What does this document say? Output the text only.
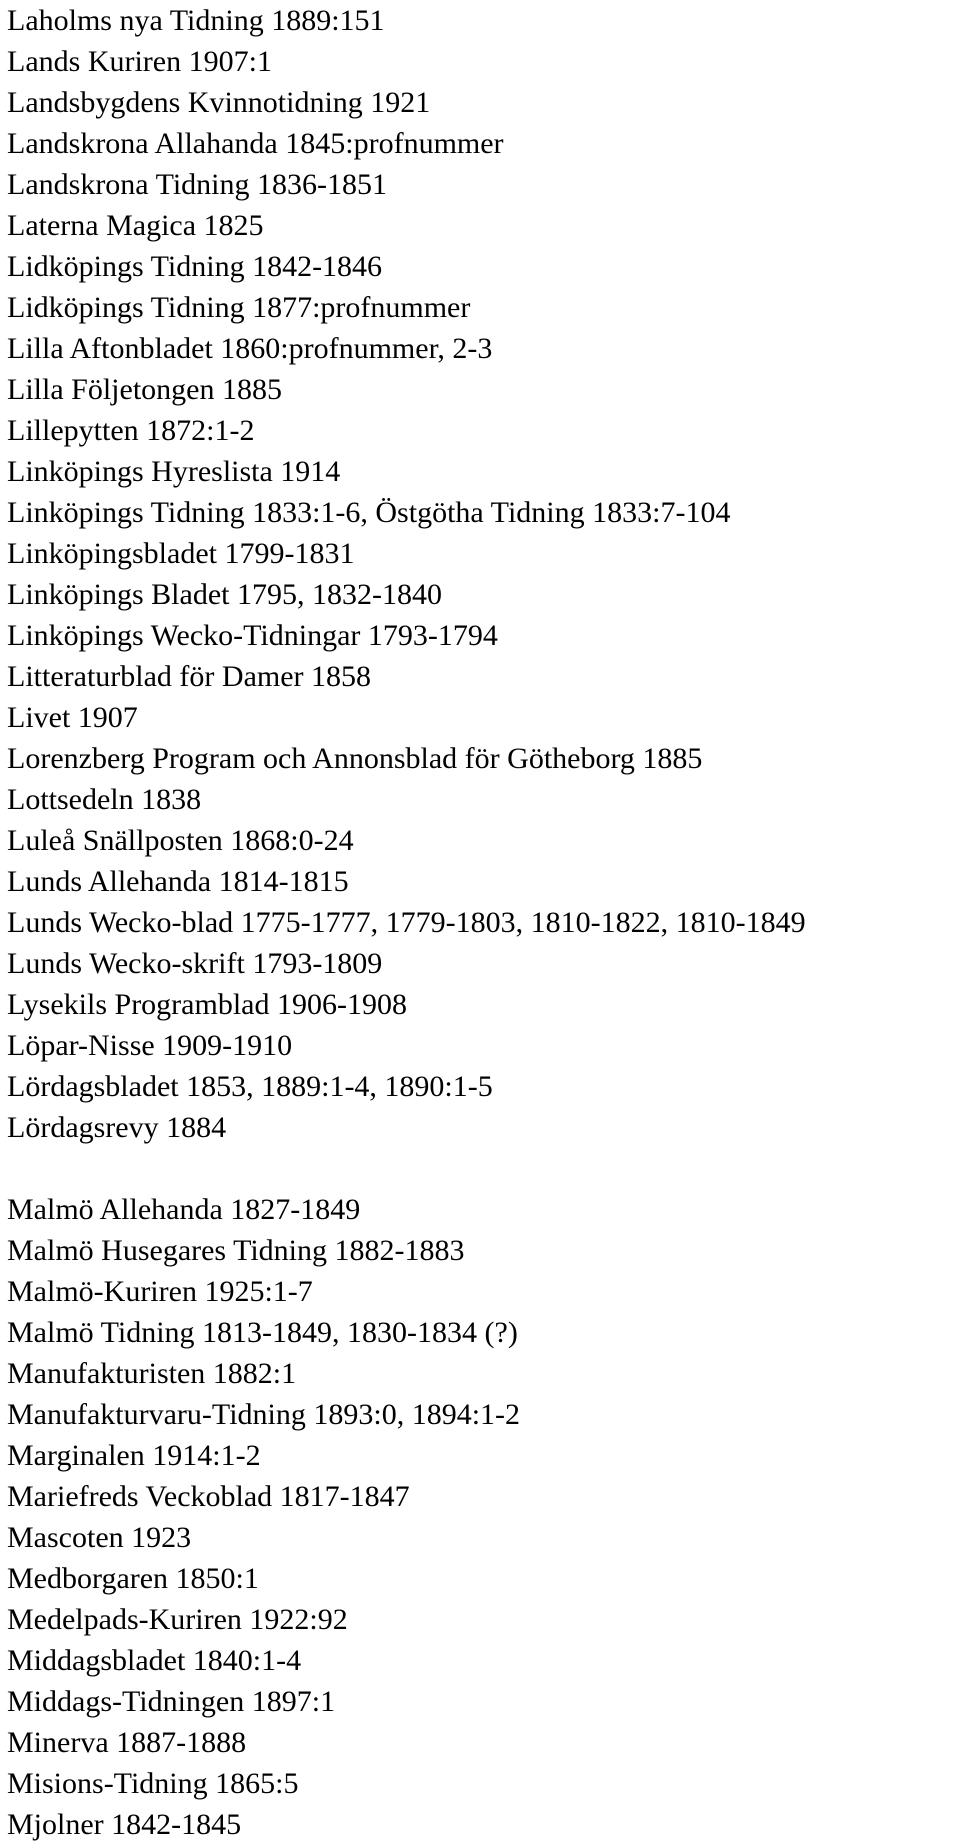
Laholms nya Tidning 1889:151
Lands Kuriren 1907:1
Landsbygdens Kvinnotidning 1921
Landskrona Allahanda 1845:profnummer
Landskrona Tidning 1836-1851
Laterna Magica 1825
Lidköpings Tidning 1842-1846
Lidköpings Tidning 1877:profnummer
Lilla Aftonbladet 1860:profnummer, 2-3
Lilla Följetongen 1885
Lillepytten 1872:1-2
Linköpings Hyreslista 1914
Linköpings Tidning 1833:1-6, Östgötha Tidning 1833:7-104
Linköpingsbladet 1799-1831
Linköpings Bladet 1795, 1832-1840
Linköpings Wecko-Tidningar 1793-1794
Litteraturblad för Damer 1858
Livet 1907
Lorenzberg Program och Annonsblad för Götheborg 1885
Lottsedeln 1838
Luleå Snällposten 1868:0-24
Lunds Allehanda 1814-1815
Lunds Wecko-blad 1775-1777, 1779-1803, 1810-1822, 1810-1849
Lunds Wecko-skrift 1793-1809
Lysekils Programblad 1906-1908
Löpar-Nisse 1909-1910
Lördagsbladet 1853, 1889:1-4, 1890:1-5
Lördagsrevy 1884
Malmö Allehanda 1827-1849
Malmö Husegares Tidning 1882-1883
Malmö-Kuriren 1925:1-7
Malmö Tidning 1813-1849, 1830-1834 (?)
Manufakturisten 1882:1
Manufakturvaru-Tidning 1893:0, 1894:1-2
Marginalen 1914:1-2
Mariefreds Veckoblad 1817-1847
Mascoten 1923
Medborgaren 1850:1
Medelpads-Kuriren 1922:92
Middagsbladet 1840:1-4
Middags-Tidningen 1897:1
Minerva 1887-1888
Misions-Tidning 1865:5
Mjolner 1842-1845
